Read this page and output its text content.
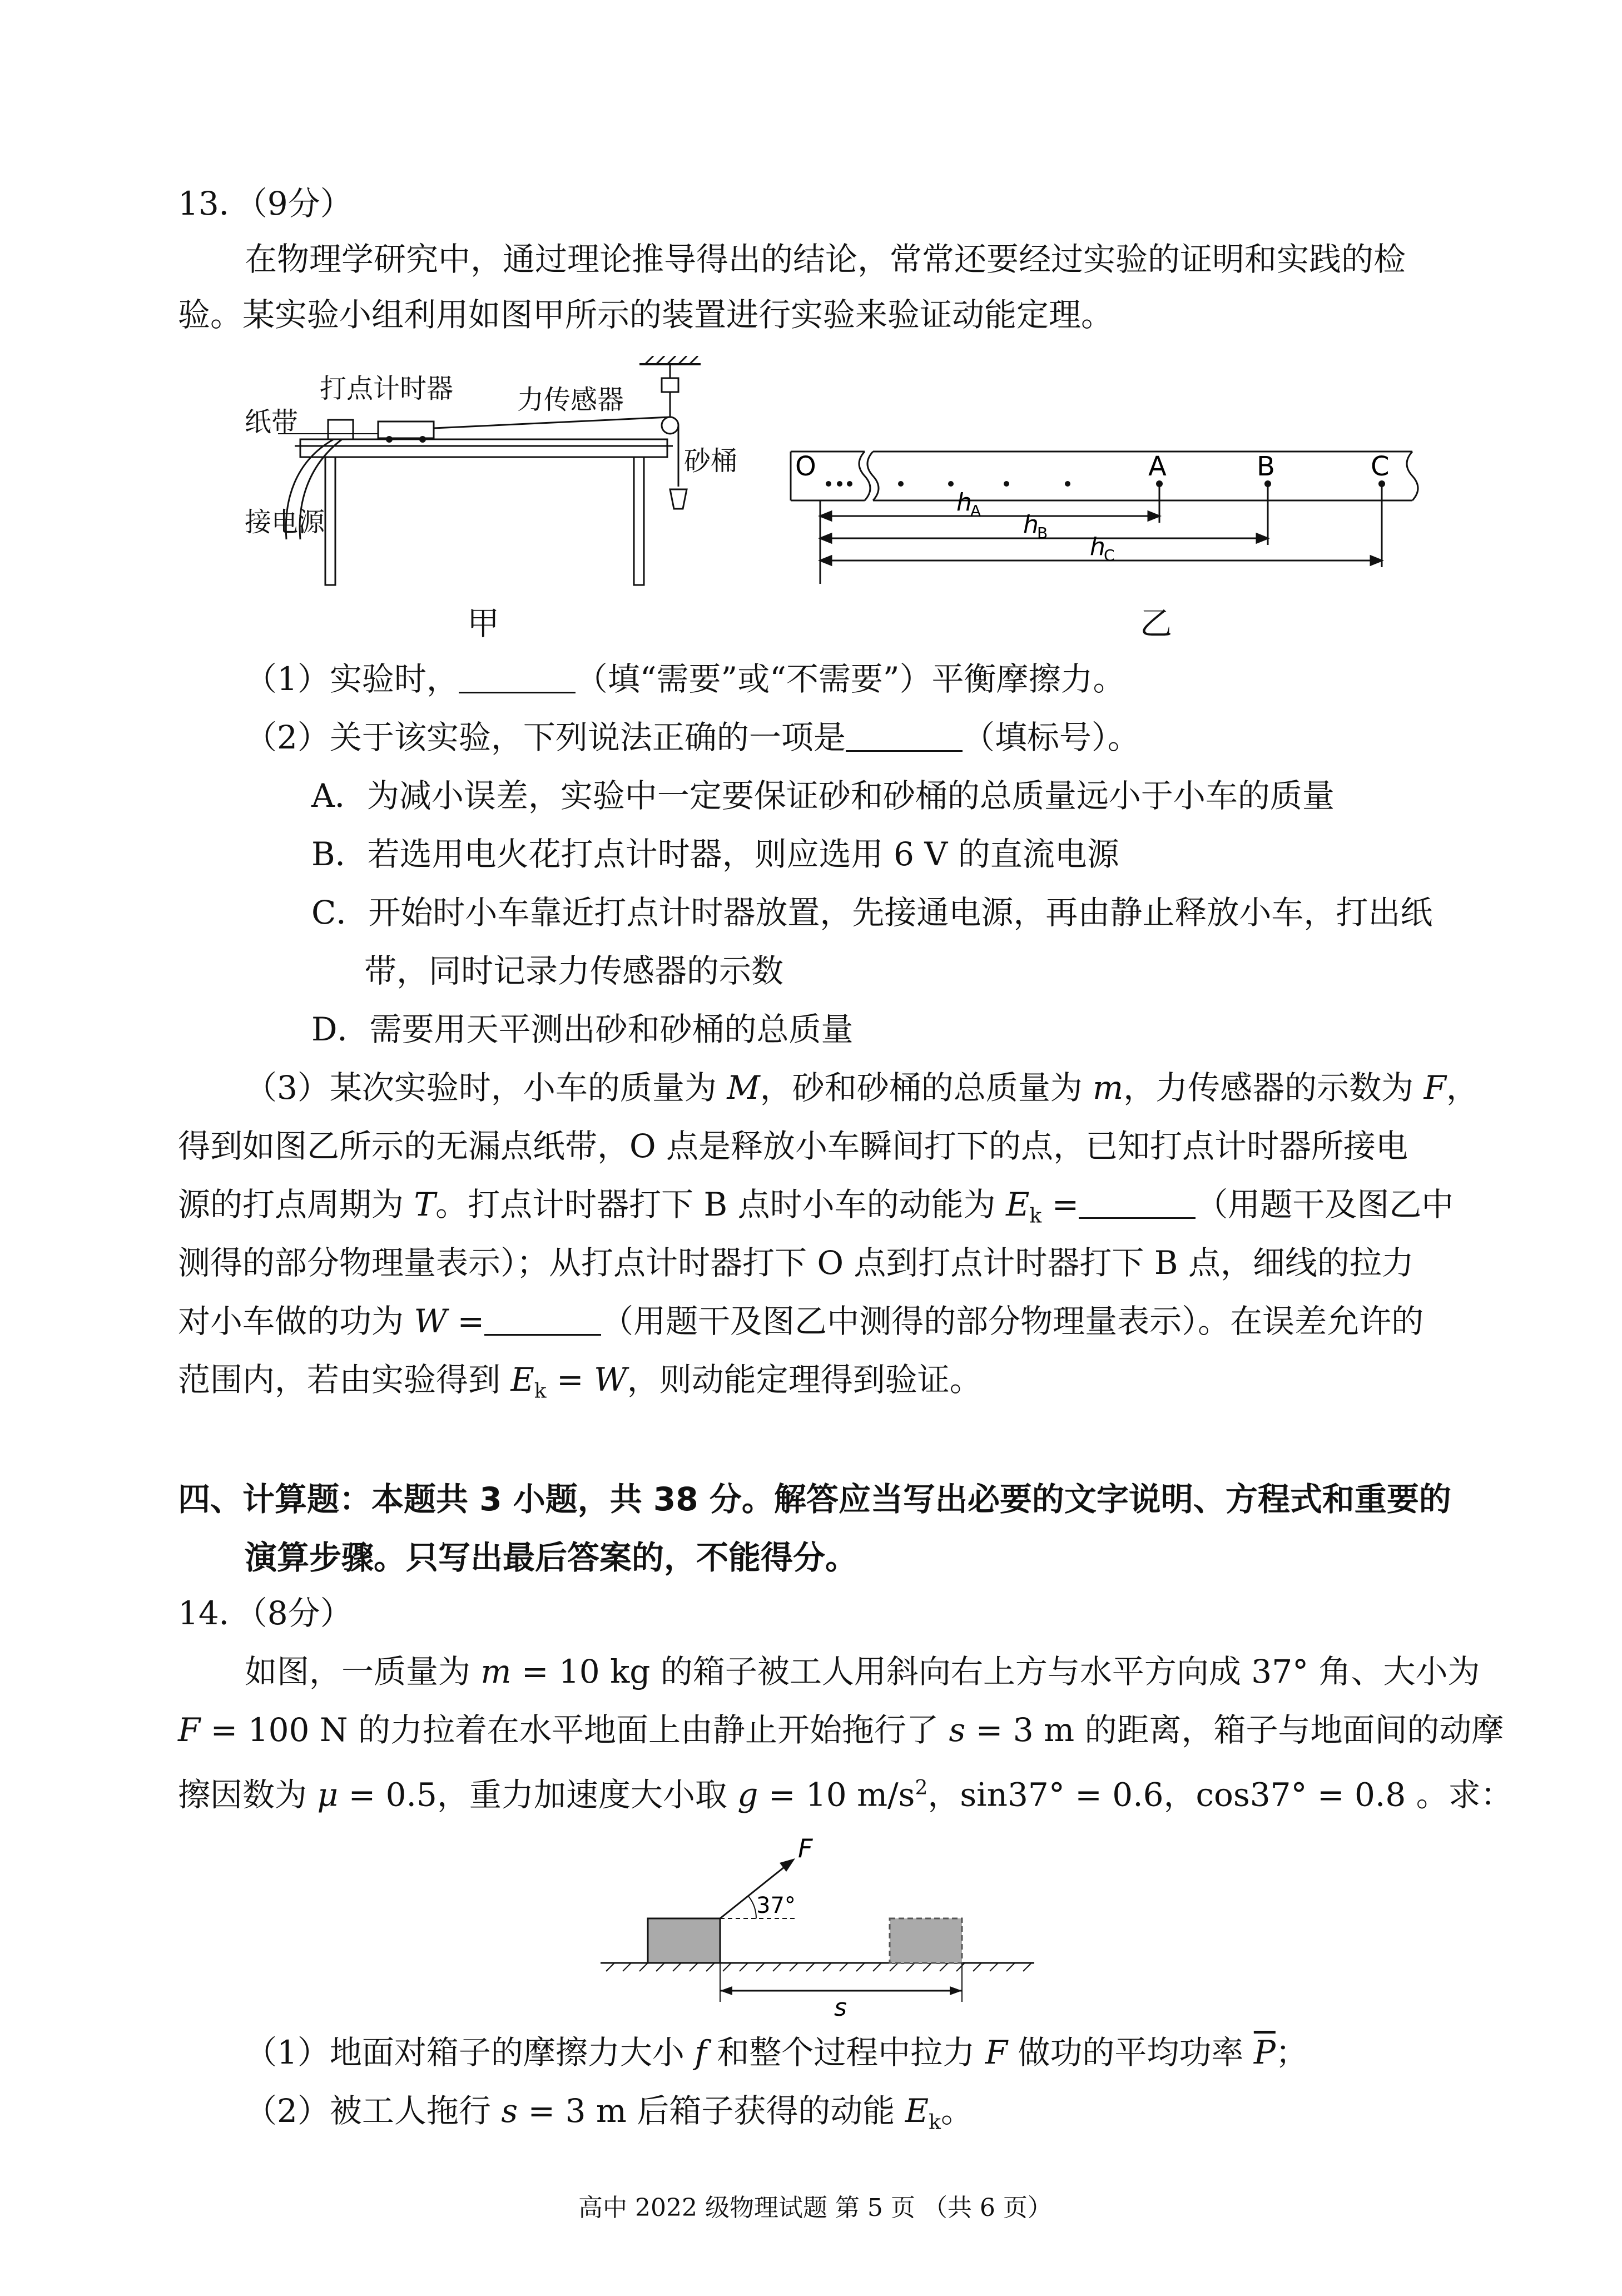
13．（9分）
在物理学研究中，通过理论推导得出的结论，常常还要经过实验的证明和实践的检
验。某实验小组利用如图甲所示的装置进行实验来验证动能定理。
打点计时器
纸带
力传感器
砂桶
接电源
甲
O	A	B	C
h
A h
B h
C
乙
（1）实验时，	（填“需要”或“不需要”）平衡摩擦力。
（2）关于该实验，下列说法正确的一项是	（填标号）。
A．为减小误差，实验中一定要保证砂和砂桶的总质量远小于小车的质量
B．若选用电火花打点计时器，则应选用 6 V 的直流电源
C．开始时小车靠近打点计时器放置，先接通电源，再由静止释放小车，打出纸
带，同时记录力传感器的示数
D．需要用天平测出砂和砂桶的总质量
（3）某次实验时，小车的质量为 M，砂和砂桶的总质量为 m，力传感器的示数为 F，
得到如图乙所示的无漏点纸带，O 点是释放小车瞬间打下的点，已知打点计时器所接电
源的打点周期为 T。打点计时器打下 B 点时小车的动能为 $E_k$ =	（用题干及图乙中
测得的部分物理量表示）；从打点计时器打下 O 点到打点计时器打下 B 点，细线的拉力
对小车做的功为 W =	（用题干及图乙中测得的部分物理量表示）。在误差允许的
范围内，若由实验得到 $E_k = W$，则动能定理得到验证。
四、计算题：本题共 3 小题，共 38 分。解答应当写出必要的文字说明、方程式和重要的
演算步骤。只写出最后答案的，不能得分。
14．（8分）
如图，一质量为 m = 10 kg 的箱子被工人用斜向右上方与水平方向成 37° 角、大小为
F = 100 N 的力拉着在水平地面上由静止开始拖行了 s = 3 m 的距离，箱子与地面间的动摩
擦因数为 μ = 0.5，重力加速度大小取 g = 10 $m/s^2$，sin37° = 0.6，cos37° = 0.8 。求：
F
37°
s
（1）地面对箱子的摩擦力大小 f 和整个过程中拉力 F 做功的平均功率 $\overline{P}$；
（2）被工人拖行 s = 3 m 后箱子获得的动能 $E_k$。
高中 2022 级物理试题 第 5 页 （共 6 页）
